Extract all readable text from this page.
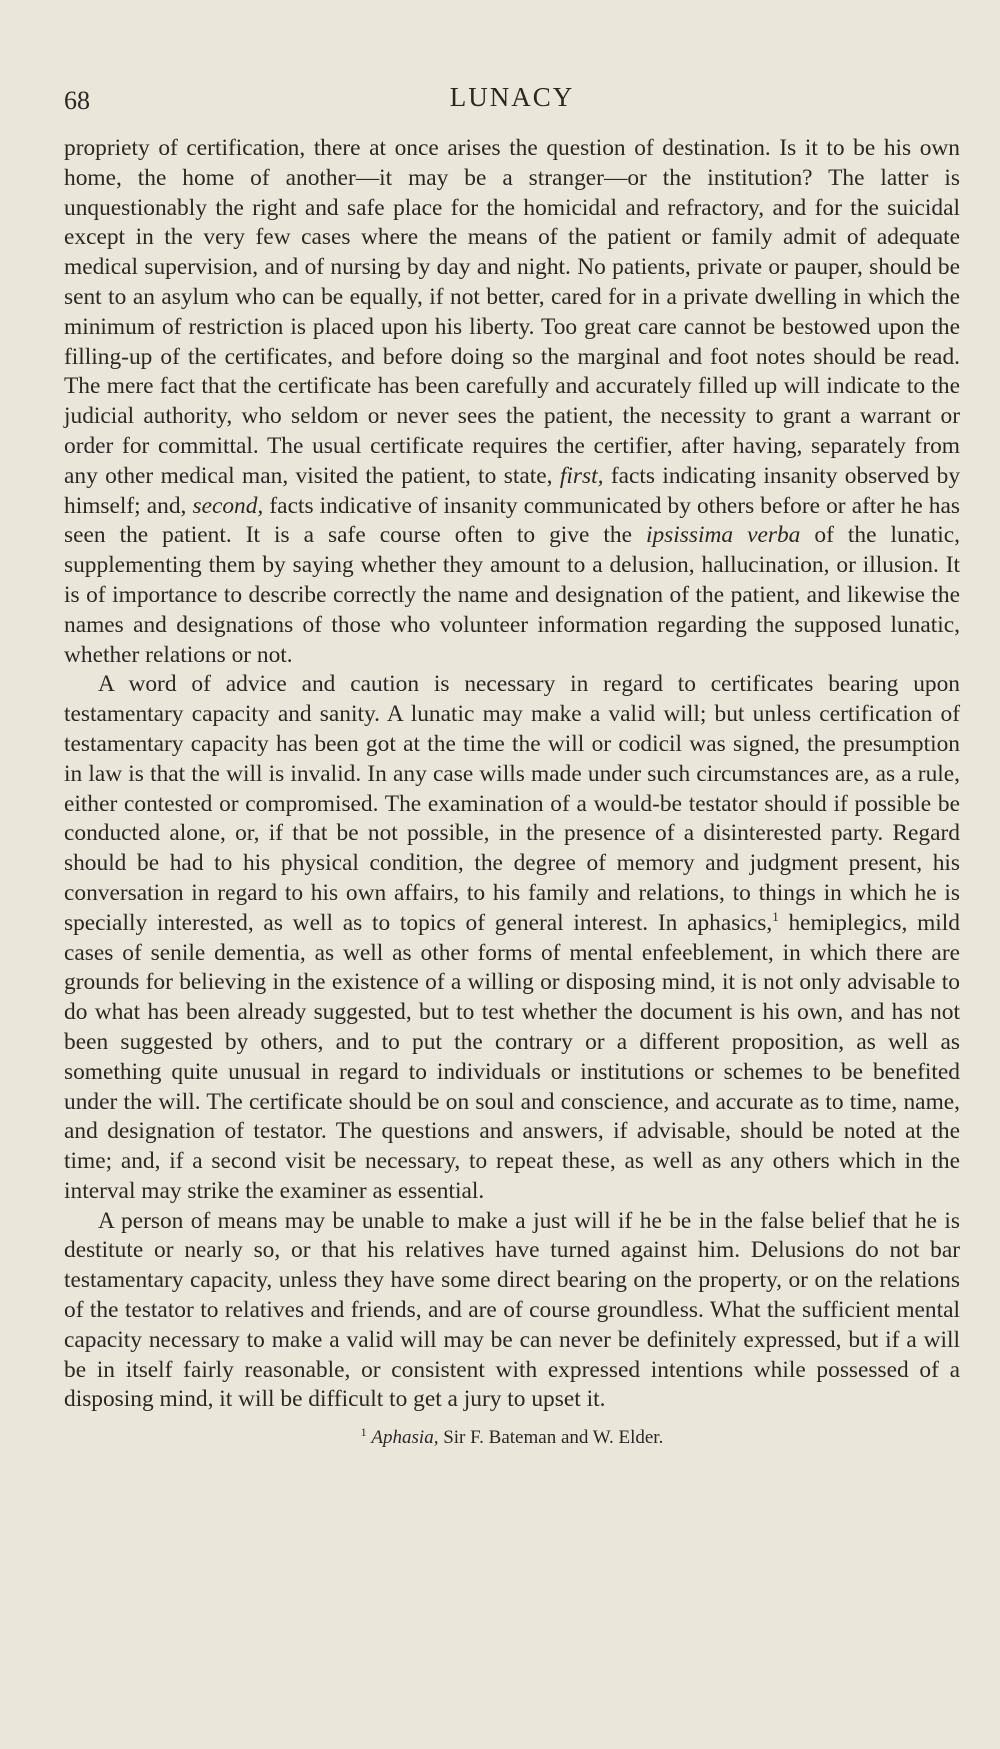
68	LUNACY

propriety of certification, there at once arises the question of destination. Is it to be his own home, the home of another—it may be a stranger—or the institution? The latter is unquestionably the right and safe place for the homicidal and refractory, and for the suicidal except in the very few cases where the means of the patient or family admit of adequate medical supervision, and of nursing by day and night. No patients, private or pauper, should be sent to an asylum who can be equally, if not better, cared for in a private dwelling in which the minimum of restriction is placed upon his liberty. Too great care cannot be bestowed upon the filling-up of the certificates, and before doing so the marginal and foot notes should be read. The mere fact that the certificate has been carefully and accurately filled up will indicate to the judicial authority, who seldom or never sees the patient, the necessity to grant a warrant or order for committal. The usual certificate requires the certifier, after having, separately from any other medical man, visited the patient, to state, first, facts indicating insanity observed by himself; and, second, facts indicative of insanity communicated by others before or after he has seen the patient. It is a safe course often to give the ipsissima verba of the lunatic, supplementing them by saying whether they amount to a delusion, hallucination, or illusion. It is of importance to describe correctly the name and designation of the patient, and likewise the names and designations of those who volunteer information regarding the supposed lunatic, whether relations or not.

A word of advice and caution is necessary in regard to certificates bearing upon testamentary capacity and sanity. A lunatic may make a valid will; but unless certification of testamentary capacity has been got at the time the will or codicil was signed, the presumption in law is that the will is invalid. In any case wills made under such circumstances are, as a rule, either contested or compromised. The examination of a would-be testator should if possible be conducted alone, or, if that be not possible, in the presence of a disinterested party. Regard should be had to his physical condition, the degree of memory and judgment present, his conversation in regard to his own affairs, to his family and relations, to things in which he is specially interested, as well as to topics of general interest. In aphasics,$^1$ hemiplegics, mild cases of senile dementia, as well as other forms of mental enfeeblement, in which there are grounds for believing in the existence of a willing or disposing mind, it is not only advisable to do what has been already suggested, but to test whether the document is his own, and has not been suggested by others, and to put the contrary or a different proposition, as well as something quite unusual in regard to individuals or institutions or schemes to be benefited under the will. The certificate should be on soul and conscience, and accurate as to time, name, and designation of testator. The questions and answers, if advisable, should be noted at the time; and, if a second visit be necessary, to repeat these, as well as any others which in the interval may strike the examiner as essential.

A person of means may be unable to make a just will if he be in the false belief that he is destitute or nearly so, or that his relatives have turned against him. Delusions do not bar testamentary capacity, unless they have some direct bearing on the property, or on the relations of the testator to relatives and friends, and are of course groundless. What the sufficient mental capacity necessary to make a valid will may be can never be definitely expressed, but if a will be in itself fairly reasonable, or consistent with expressed intentions while possessed of a disposing mind, it will be difficult to get a jury to upset it.

$^1$ Aphasia, Sir F. Bateman and W. Elder.
